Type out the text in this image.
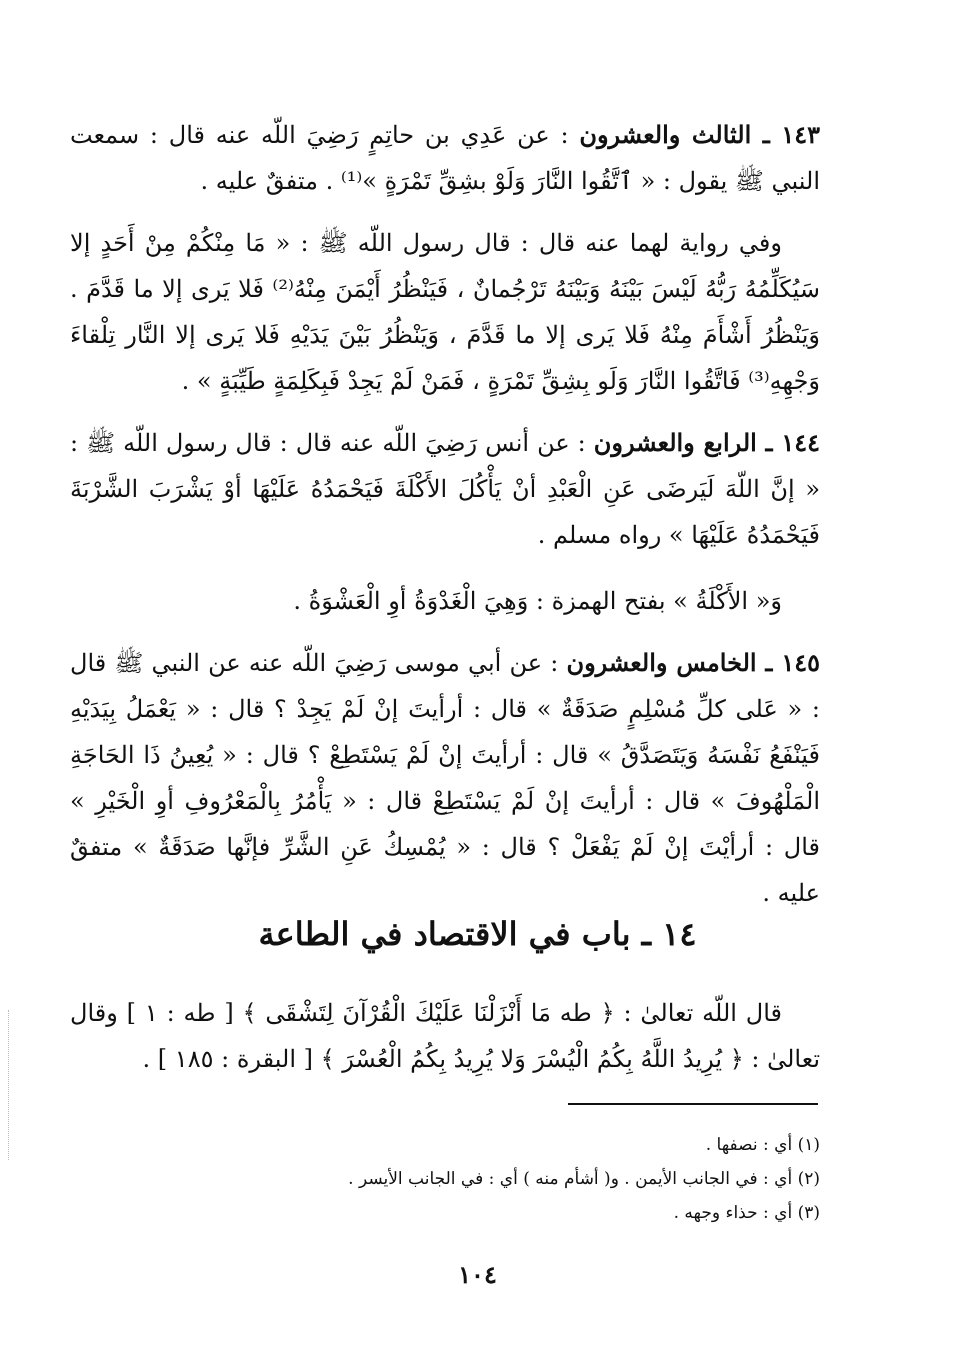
١٤٣ ـ الثالث والعشرون : عن عَدِي بن حاتِمٍ رَضِيَ اللّه عنه قال : سمعت النبي ﷺ يقول : « ٱتَّقُوا النَّارَ وَلَوْ بشِقِّ تَمْرَةٍ »⁽¹⁾ . متفقٌ عليه .

وفي رواية لهما عنه قال : قال رسول اللّه ﷺ : « مَا مِنْكُمْ مِنْ أَحَدٍ إلا سَيُكَلِّمُهُ رَبُّهُ لَيْسَ بَيْنَهُ وَبَيْنَهُ تَرْجُمانٌ ، فَيَنْظُرُ أَيْمَنَ مِنْهُ⁽²⁾ فَلا يَرى إلا ما قَدَّمَ . وَيَنْظُرُ أَشْأَمَ مِنْهُ فَلا يَرى إلا ما قَدَّمَ ، وَيَنْظُرُ بَيْنَ يَدَيْهِ فَلا يَرى إلا النَّار تِلْقاءَ وَجْهِهِ⁽³⁾ فَاتَّقُوا النَّارَ وَلَو بِشِقِّ تَمْرَةٍ ، فَمَنْ لَمْ يَجِدْ فَبِكَلِمَةٍ طَيِّبَةٍ » .

١٤٤ ـ الرابع والعشرون : عن أنس رَضِيَ اللّه عنه قال : قال رسول اللّه ﷺ : « إنَّ اللّهَ لَيَرضَى عَنِ الْعَبْدِ أنْ يَأْكُلَ الأَكْلَةَ فَيَحْمَدُهُ عَلَيْهَا أوْ يَشْرَبَ الشَّرْبَةَ فَيَحْمَدُهُ عَلَيْهَا » رواه مسلم .

وَ« الأَكْلَةُ » بفتح الهمزة : وَهِيَ الْغَدْوَةُ أوِ الْعَشْوَةُ .

١٤٥ ـ الخامس والعشرون : عن أبي موسى رَضِيَ اللّه عنه عن النبي ﷺ قال : « عَلى كلِّ مُسْلِمٍ صَدَقَةٌ » قال : أرأيتَ إنْ لَمْ يَجِدْ ؟ قال : « يَعْمَلُ بِيَدَيْهِ فَيَنْفَعُ نَفْسَهُ وَيَتَصَدَّقُ » قال : أرأيتَ إنْ لَمْ يَسْتَطِعْ ؟ قال : « يُعِينُ ذَا الحَاجَةِ الْمَلْهُوفَ » قال : أرأيتَ إنْ لَمْ يَسْتَطِعْ قال : « يَأْمُرُ بِالْمَعْرُوفِ أوِ الْخَيْرِ » قال : أرأيْتَ إنْ لَمْ يَفْعَلْ ؟ قال : « يُمْسِكُ عَنِ الشَّرِّ فإنَّها صَدَقَةٌ » متفقٌ عليه .

١٤ ـ باب في الاقتصاد في الطاعة

قال اللّه تعالىٰ : ﴿ طه مَا أَنْزَلْنَا عَلَيْكَ الْقُرْآنَ لِتَشْقَى ﴾ [ طه : ١ ] وقال تعالىٰ : ﴿ يُرِيدُ اللَّهُ بِكُمُ الْيُسْرَ وَلا يُرِيدُ بِكُمُ الْعُسْرَ ﴾ [ البقرة : ١٨٥ ] .

(١) أي : نصفها .
(٢) أي : في الجانب الأيمن . و( أشأم منه ) أي : في الجانب الأيسر .
(٣) أي : حذاء وجهه .
١٠٤
